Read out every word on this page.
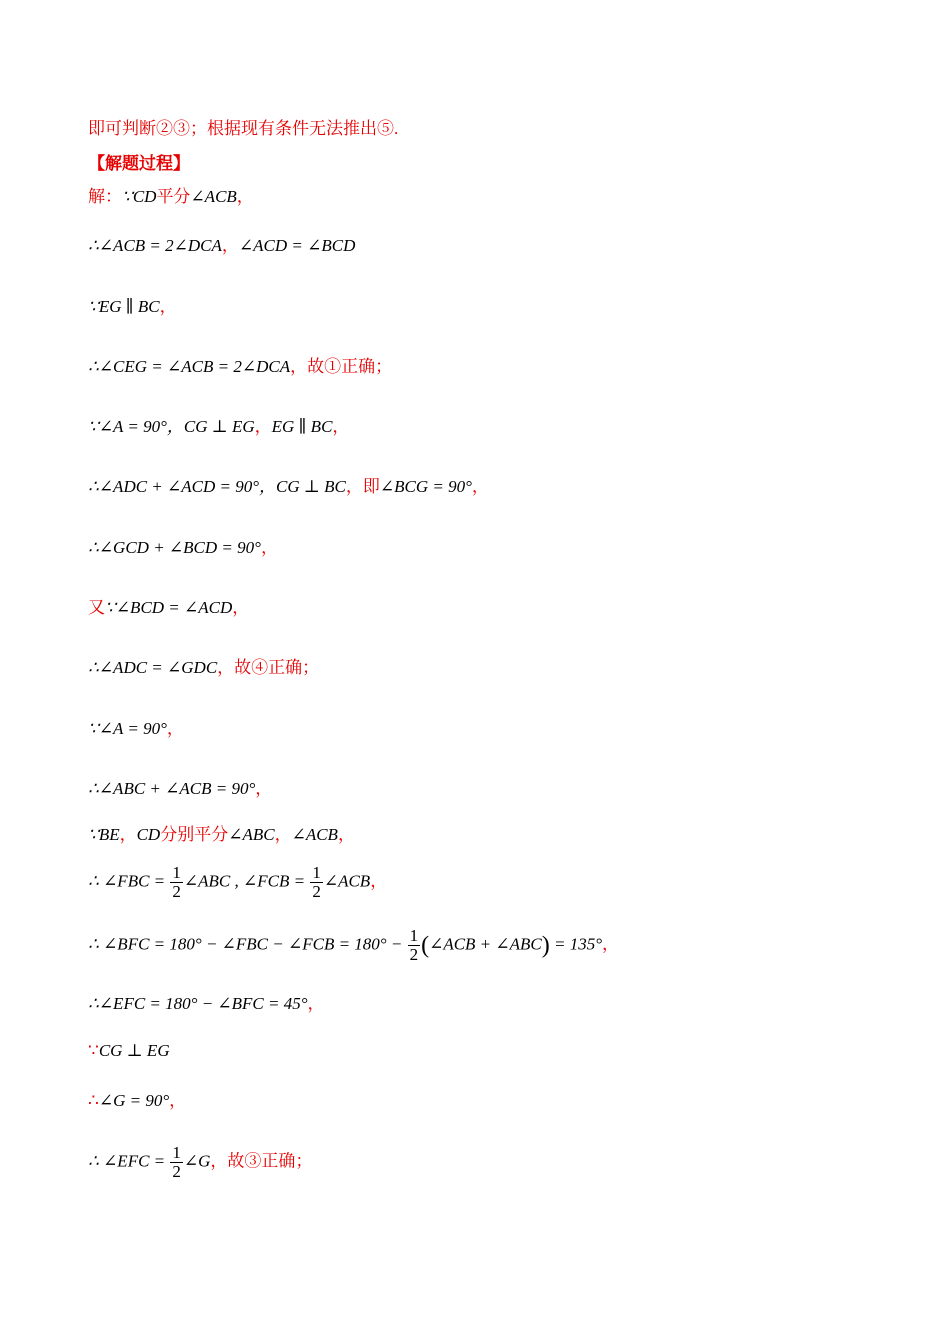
即可判断②③；根据现有条件无法推出⑤.
【解题过程】
解：∵CD平分∠ACB，
∴∠ACB = 2∠DCA，∠ACD = ∠BCD
∵EG ∥ BC，
∴∠CEG = ∠ACB = 2∠DCA，故①正确；
∵∠A = 90°，CG ⊥ EG，EG ∥ BC，
∴∠ADC + ∠ACD = 90°，CG ⊥ BC，即∠BCG = 90°，
∴∠GCD + ∠BCD = 90°，
又∵∠BCD = ∠ACD，
∴∠ADC = ∠GDC，故④正确；
∵∠A = 90°，
∴∠ABC + ∠ACB = 90°，
∵BE，CD分别平分∠ABC，∠ACB，
∴ ∠FBC = $\frac{1}{2}$ ∠ABC , ∠FCB = $\frac{1}{2}$ ∠ACB，
∴ ∠BFC = 180° − ∠FBC − ∠FCB = $180^\circ - \frac{1}{2}$ (∠ACB + ∠ABC) = 135°，
∴∠EFC = 180° − ∠BFC = 45°，
∵CG ⊥ EG
∴∠G = 90°，
∴ ∠EFC = $\frac{1}{2}$ ∠G，故③正确；
